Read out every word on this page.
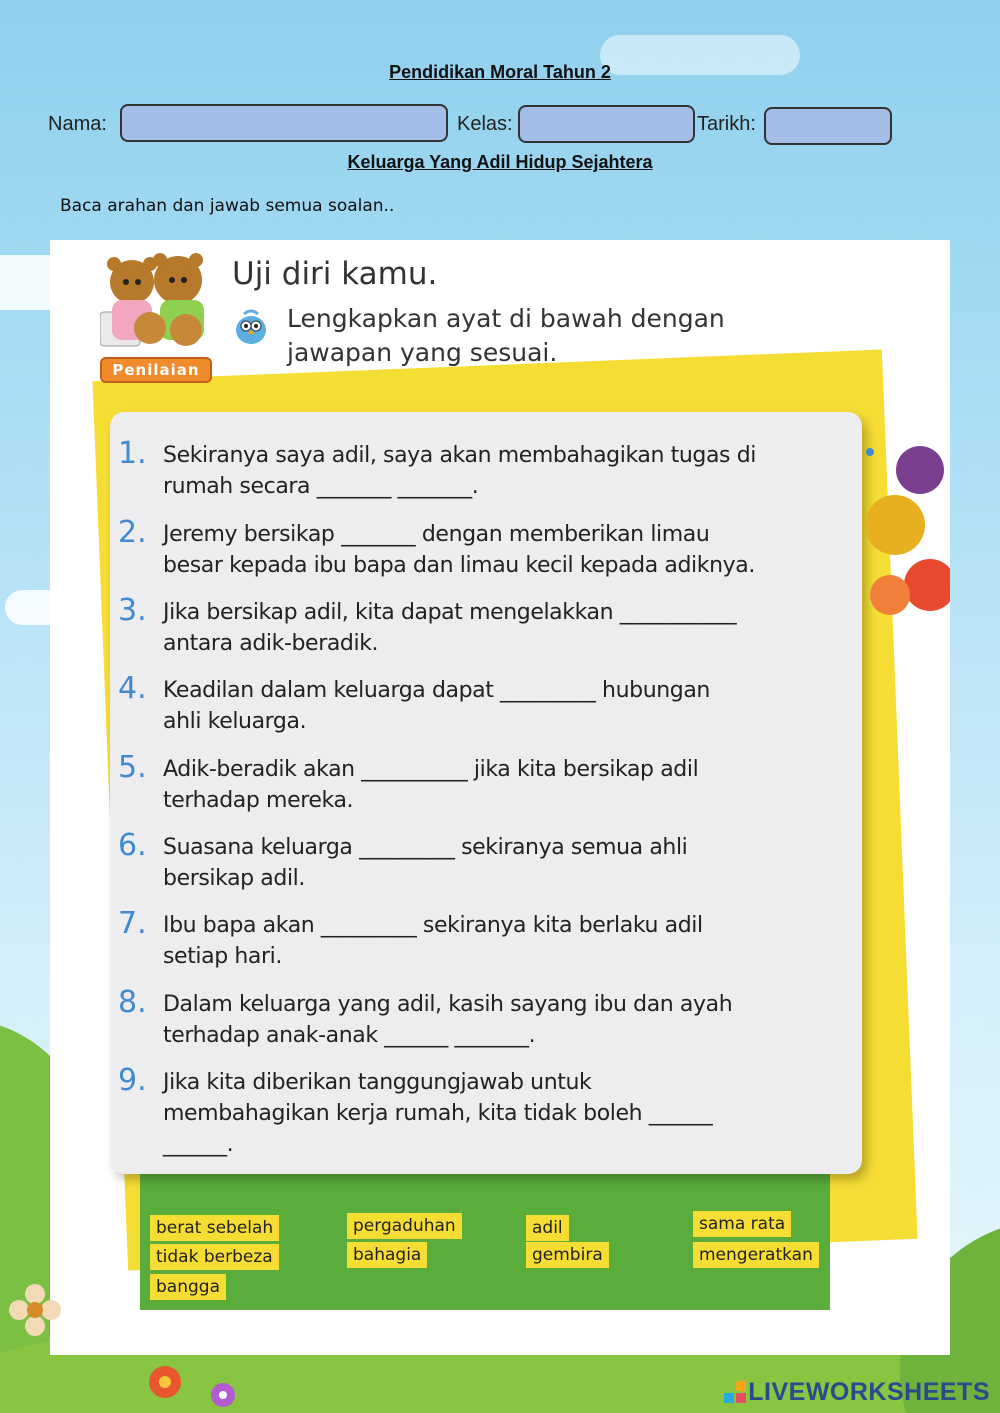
Pendidikan Moral Tahun 2
Nama:	Kelas:	Tarikh:
Keluarga Yang Adil Hidup Sejahtera
Baca arahan dan jawab semua soalan..
Penilaian
Uji diri kamu.
Lengkapkan ayat di bawah dengan
jawapan yang sesuai.
1. Sekiranya saya adil, saya akan membahagikan tugas di
rumah secara _______ _______.
2. Jeremy bersikap _______ dengan memberikan limau
besar kepada ibu bapa dan limau kecil kepada adiknya.
3. Jika bersikap adil, kita dapat mengelakkan ___________
antara adik-beradik.
4. Keadilan dalam keluarga dapat _________ hubungan
ahli keluarga.
5. Adik-beradik akan __________ jika kita bersikap adil
terhadap mereka.
6. Suasana keluarga _________ sekiranya semua ahli
bersikap adil.
7. Ibu bapa akan _________ sekiranya kita berlaku adil
setiap hari.
8. Dalam keluarga yang adil, kasih sayang ibu dan ayah
terhadap anak-anak ______ _______.
9. Jika kita diberikan tanggungjawab untuk
membahagikan kerja rumah, kita tidak boleh ______
______.
berat sebelah	pergaduhan	adil	sama rata
tidak berbeza	bahagia	gembira	mengeratkan
bangga
LIVEWORKSHEETS
